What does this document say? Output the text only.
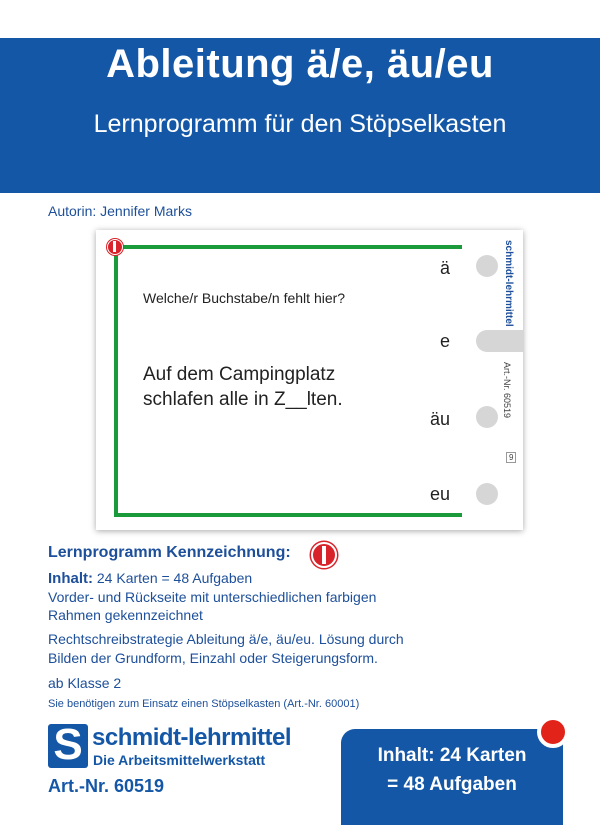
Ableitung ä/e, äu/eu
Lernprogramm für den Stöpselkasten
Autorin: Jennifer Marks
Welche/r Buchstabe/n fehlt hier?
Auf dem Campingplatz
schlafen alle in Z__lten.
ä
e
äu
eu
schmidt-lehrmittel
Art.-Nr. 60519
9
Lernprogramm Kennzeichnung:
Inhalt: 24 Karten = 48 Aufgaben
Vorder- und Rückseite mit unterschiedlichen farbigen
Rahmen gekennzeichnet
Rechtschreibstrategie Ableitung ä/e, äu/eu. Lösung durch
Bilden der Grundform, Einzahl oder Steigerungsform.
ab Klasse 2
Sie benötigen zum Einsatz einen Stöpselkasten (Art.-Nr. 60001)
S schmidt-lehrmittel
Die Arbeitsmittelwerkstatt
Art.-Nr. 60519
Inhalt: 24 Karten
= 48 Aufgaben
